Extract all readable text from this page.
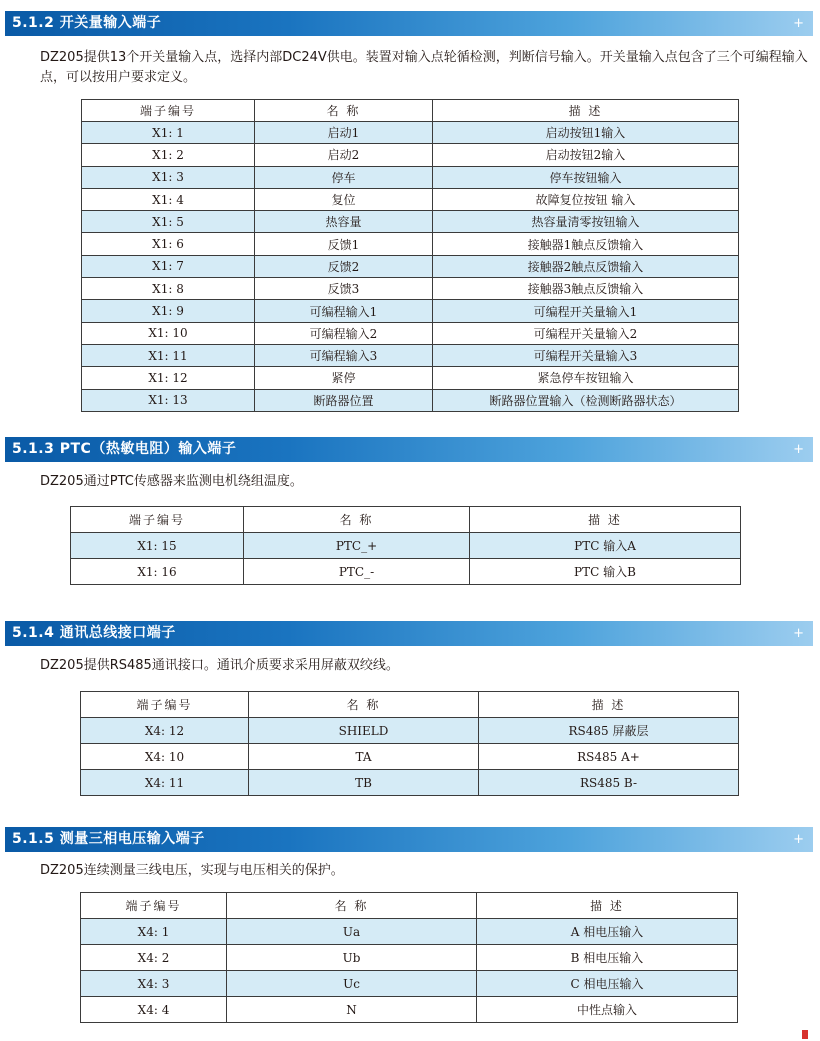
5.1.2 开关量输入端子	+

DZ205提供13个开关量输入点，选择内部DC24V供电。装置对输入点轮循检测，判断信号输入。开关量输入点包含了三个可编程输入点，可以按用户要求定义。

端子编号	名 称	描 述
X1: 1	启动1	启动按钮1输入
X1: 2	启动2	启动按钮2输入
X1: 3	停车	停车按钮输入
X1: 4	复位	故障复位按钮 输入
X1: 5	热容量	热容量清零按钮输入
X1: 6	反馈1	接触器1触点反馈输入
X1: 7	反馈2	接触器2触点反馈输入
X1: 8	反馈3	接触器3触点反馈输入
X1: 9	可编程输入1	可编程开关量输入1
X1: 10	可编程输入2	可编程开关量输入2
X1: 11	可编程输入3	可编程开关量输入3
X1: 12	紧停	紧急停车按钮输入
X1: 13	断路器位置	断路器位置输入（检测断路器状态）
5.1.3 PTC（热敏电阻）输入端子	+

DZ205通过PTC传感器来监测电机绕组温度。

端子编号	名 称	描 述
X1: 15	PTC_+	PTC 输入A
X1: 16	PTC_-	PTC 输入B
5.1.4 通讯总线接口端子	+

DZ205提供RS485通讯接口。通讯介质要求采用屏蔽双绞线。

端子编号	名 称	描 述
X4: 12	SHIELD	RS485 屏蔽层
X4: 10	TA	RS485 A+
X4: 11	TB	RS485 B-
5.1.5 测量三相电压输入端子	+

DZ205连续测量三线电压，实现与电压相关的保护。

端子编号	名 称	描 述
X4: 1	Ua	A 相电压输入
X4: 2	Ub	B 相电压输入
X4: 3	Uc	C 相电压输入
X4: 4	N	中性点输入
